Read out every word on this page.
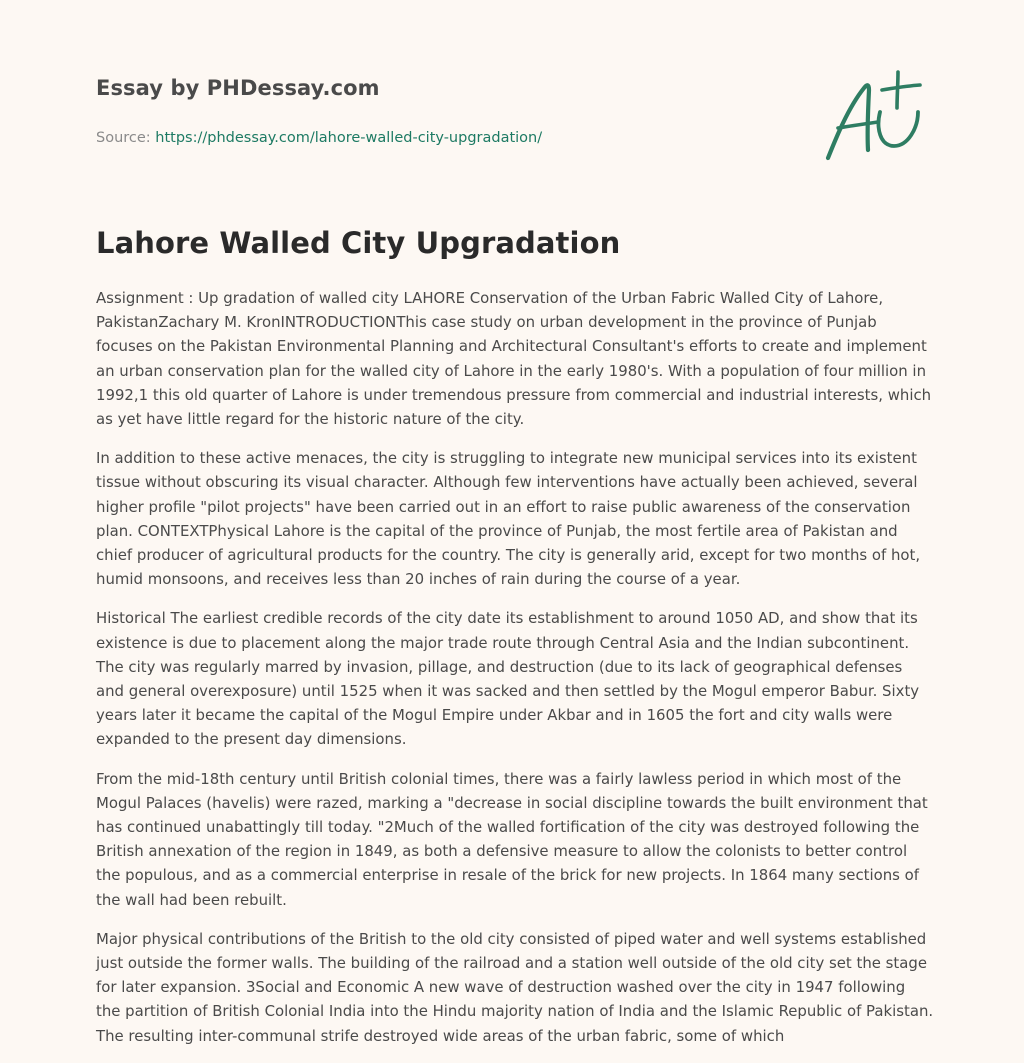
Essay by PHDessay.com
Source: https://phdessay.com/lahore-walled-city-upgradation/
Lahore Walled City Upgradation

Assignment : Up gradation of walled city LAHORE Conservation of the Urban Fabric Walled City of Lahore, PakistanZachary M. KronINTRODUCTIONThis case study on urban development in the province of Punjab focuses on the Pakistan Environmental Planning and Architectural Consultant's efforts to create and implement an urban conservation plan for the walled city of Lahore in the early 1980's. With a population of four million in 1992,1 this old quarter of Lahore is under tremendous pressure from commercial and industrial interests, which as yet have little regard for the historic nature of the city.

In addition to these active menaces, the city is struggling to integrate new municipal services into its existent tissue without obscuring its visual character. Although few interventions have actually been achieved, several higher profile "pilot projects" have been carried out in an effort to raise public awareness of the conservation plan. CONTEXTPhysical Lahore is the capital of the province of Punjab, the most fertile area of Pakistan and chief producer of agricultural products for the country. The city is generally arid, except for two months of hot, humid monsoons, and receives less than 20 inches of rain during the course of a year.

Historical The earliest credible records of the city date its establishment to around 1050 AD, and show that its existence is due to placement along the major trade route through Central Asia and the Indian subcontinent. The city was regularly marred by invasion, pillage, and destruction (due to its lack of geographical defenses and general overexposure) until 1525 when it was sacked and then settled by the Mogul emperor Babur. Sixty years later it became the capital of the Mogul Empire under Akbar and in 1605 the fort and city walls were expanded to the present day dimensions.

From the mid-18th century until British colonial times, there was a fairly lawless period in which most of the Mogul Palaces (havelis) were razed, marking a "decrease in social discipline towards the built environment that has continued unabattingly till today. "2Much of the walled fortification of the city was destroyed following the British annexation of the region in 1849, as both a defensive measure to allow the colonists to better control the populous, and as a commercial enterprise in resale of the brick for new projects. In 1864 many sections of the wall had been rebuilt.

Major physical contributions of the British to the old city consisted of piped water and well systems established just outside the former walls. The building of the railroad and a station well outside of the old city set the stage for later expansion. 3Social and Economic A new wave of destruction washed over the city in 1947 following the partition of British Colonial India into the Hindu majority nation of India and the Islamic Republic of Pakistan. The resulting inter-communal strife destroyed wide areas of the urban fabric, some of which
